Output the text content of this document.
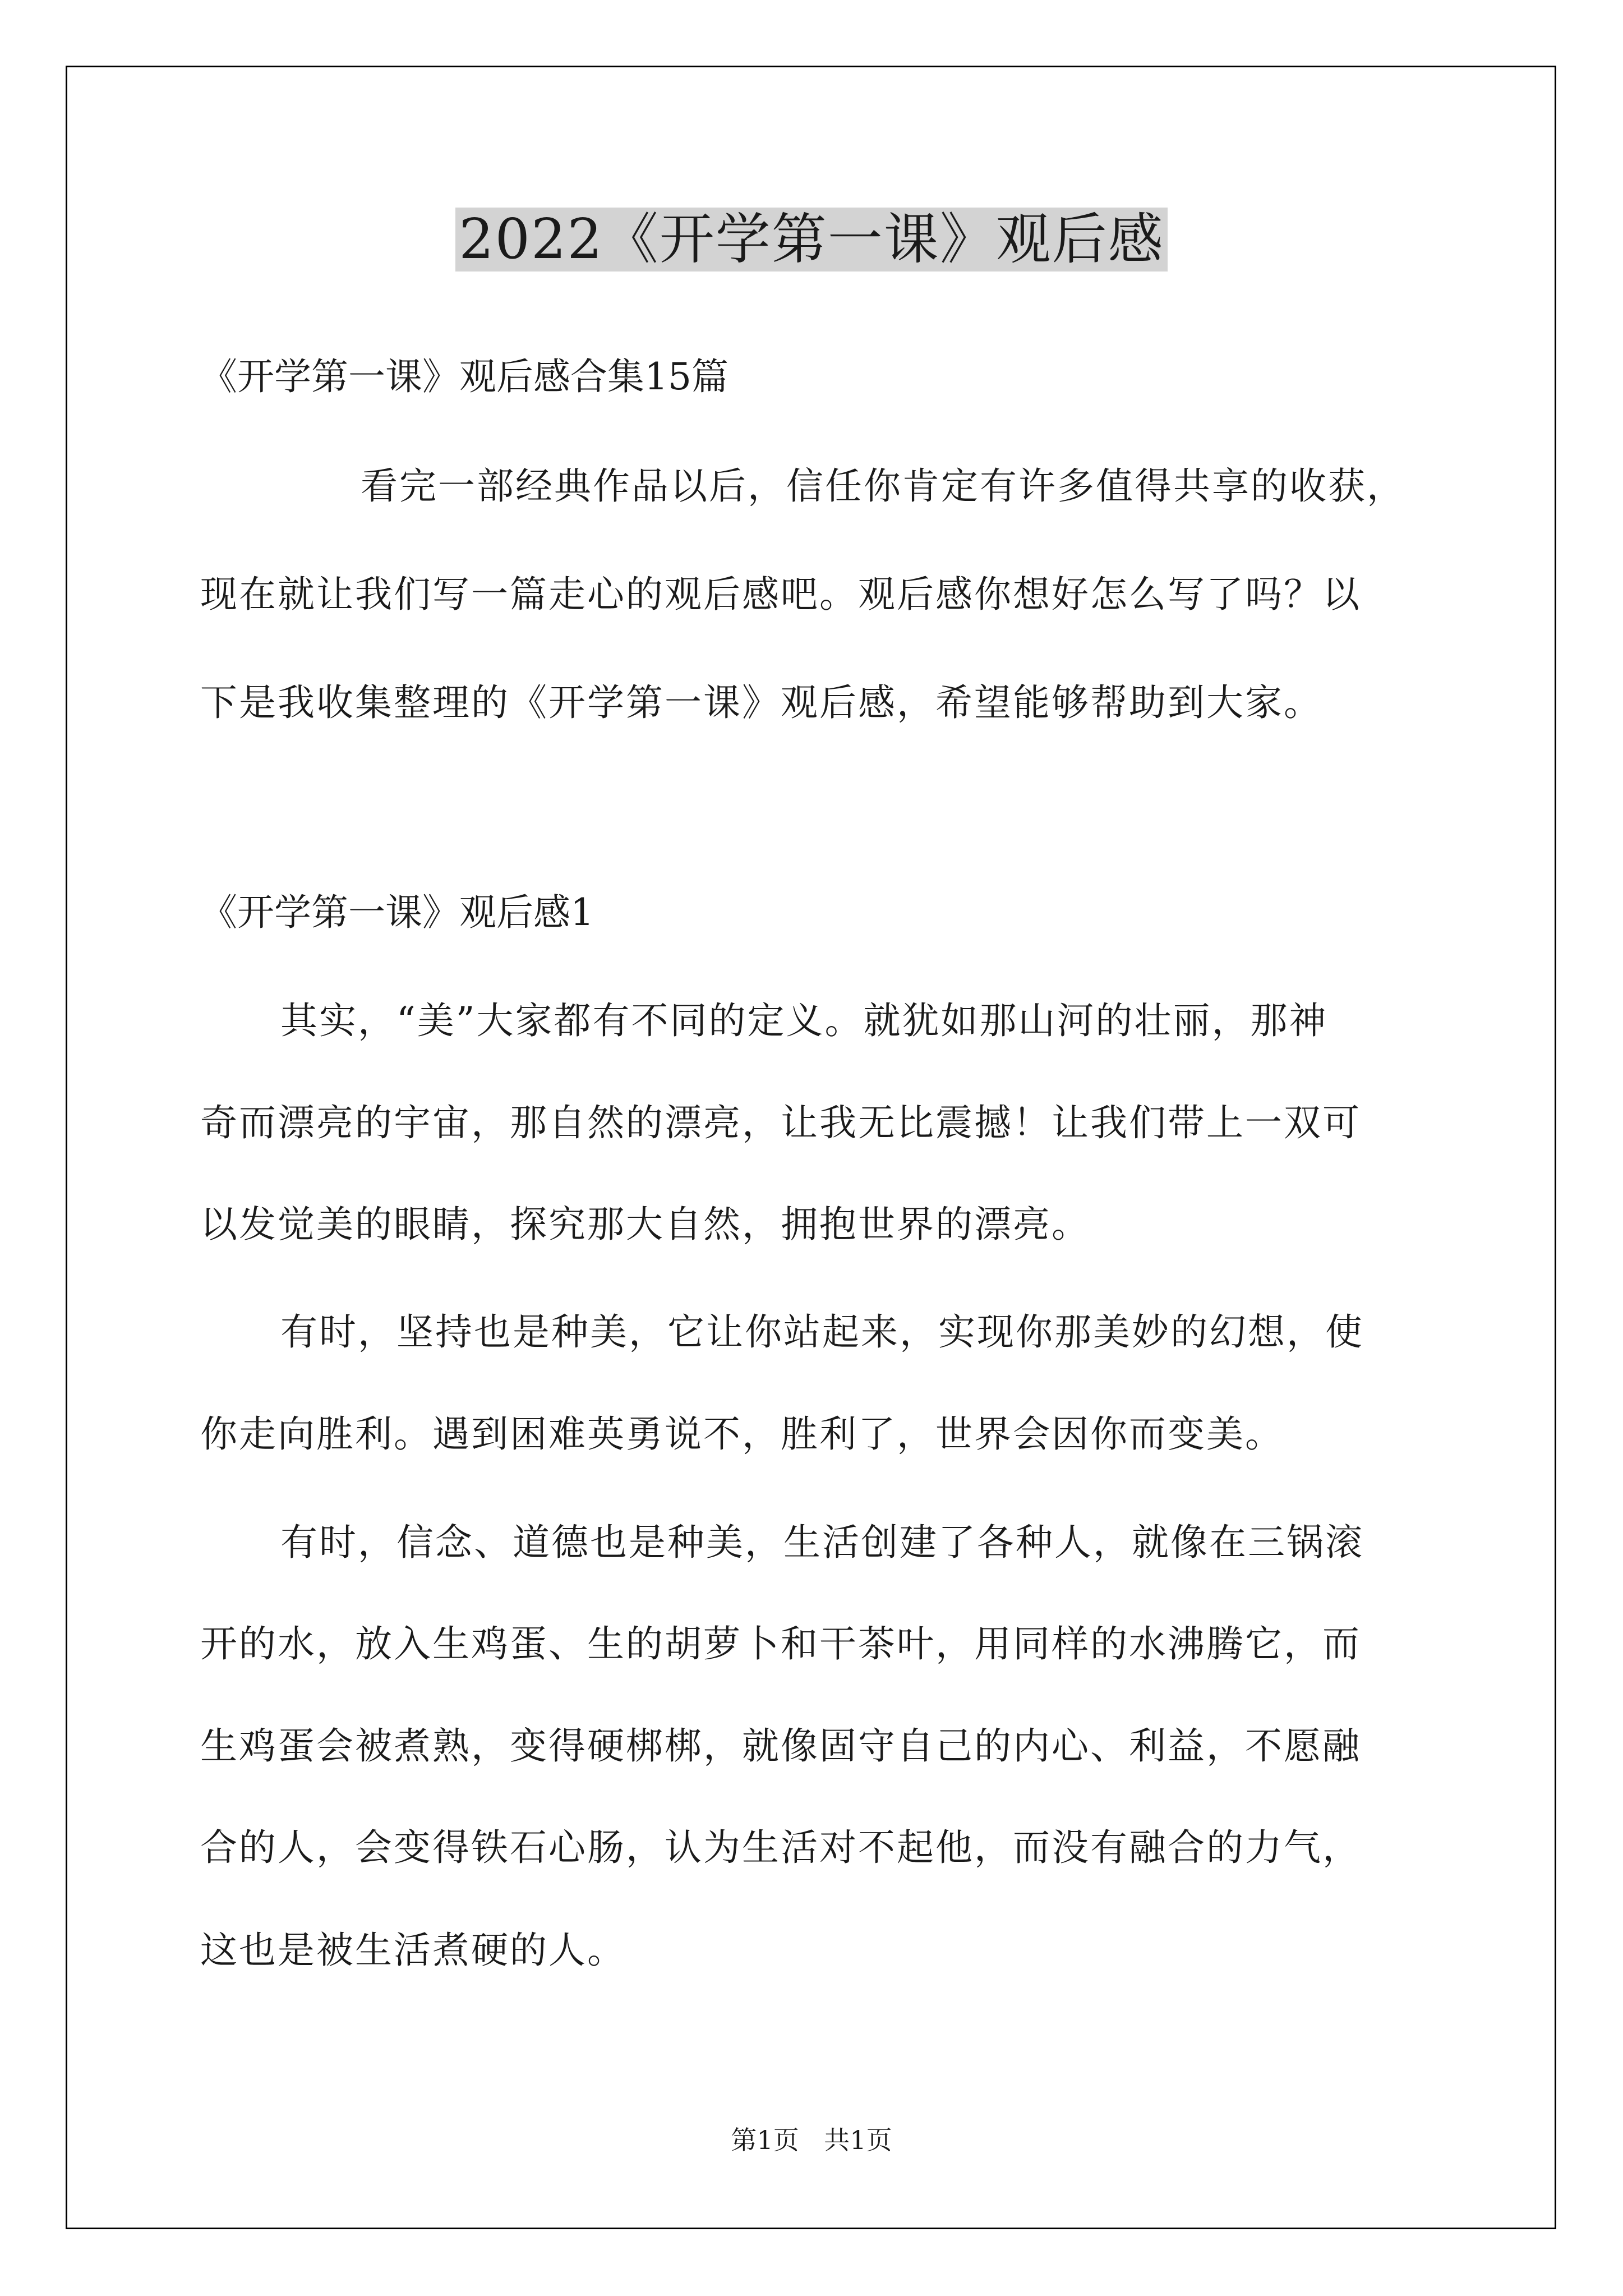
2022《开学第一课》观后感
《开学第一课》观后感合集15篇
看完一部经典作品以后，信任你肯定有许多值得共享的收获，
现在就让我们写一篇走心的观后感吧。观后感你想好怎么写了吗？以
下是我收集整理的《开学第一课》观后感，希望能够帮助到大家。
《开学第一课》观后感1
其实，“美”大家都有不同的定义。就犹如那山河的壮丽，那神
奇而漂亮的宇宙，那自然的漂亮，让我无比震撼！让我们带上一双可
以发觉美的眼睛，探究那大自然，拥抱世界的漂亮。
有时，坚持也是种美，它让你站起来，实现你那美妙的幻想，使
你走向胜利。遇到困难英勇说不，胜利了，世界会因你而变美。
有时，信念、道德也是种美，生活创建了各种人，就像在三锅滚
开的水，放入生鸡蛋、生的胡萝卜和干茶叶，用同样的水沸腾它，而
生鸡蛋会被煮熟，变得硬梆梆，就像固守自己的内心、利益，不愿融
合的人，会变得铁石心肠，认为生活对不起他，而没有融合的力气，
这也是被生活煮硬的人。
第1页 共1页
